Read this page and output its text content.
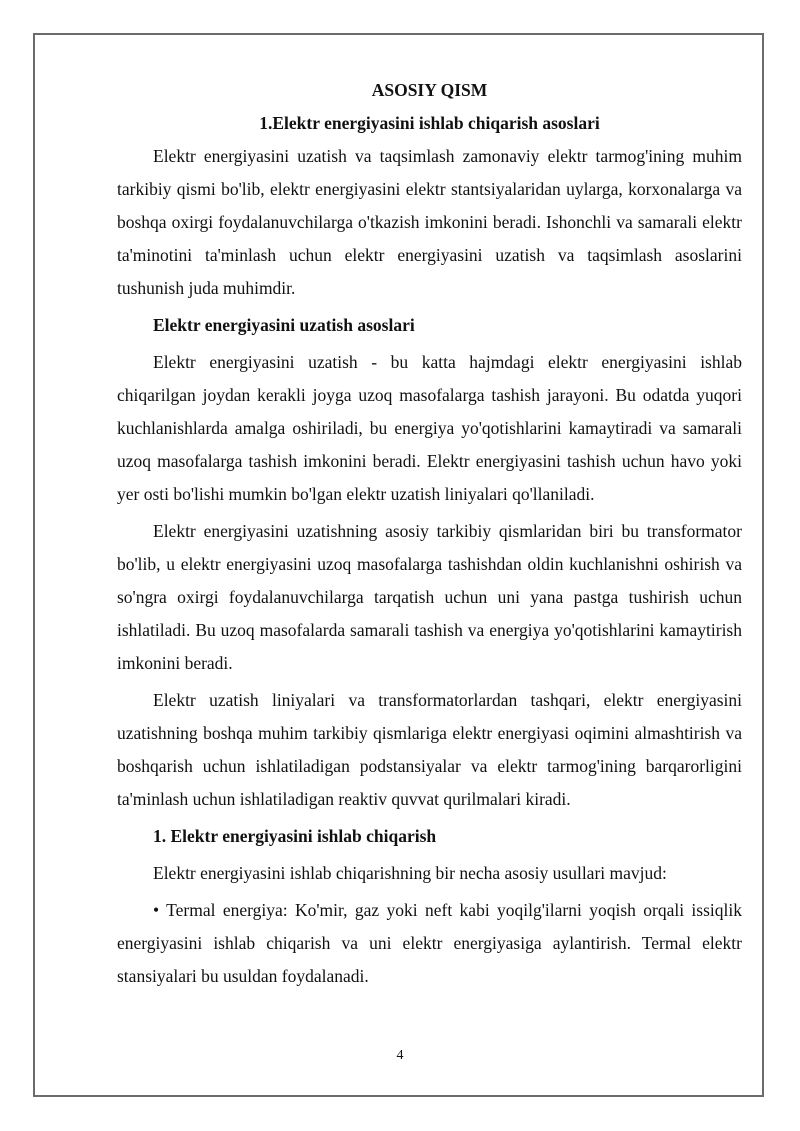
ASOSIY QISM
1.Elektr energiyasini ishlab chiqarish asoslari

Elektr energiyasini uzatish va taqsimlash zamonaviy elektr tarmog'ining muhim tarkibiy qismi bo'lib, elektr energiyasini elektr stantsiyalaridan uylarga, korxonalarga va boshqa oxirgi foydalanuvchilarga o'tkazish imkonini beradi. Ishonchli va samarali elektr ta'minotini ta'minlash uchun elektr energiyasini uzatish va taqsimlash asoslarini tushunish juda muhimdir.

Elektr energiyasini uzatish asoslari

Elektr energiyasini uzatish - bu katta hajmdagi elektr energiyasini ishlab chiqarilgan joydan kerakli joyga uzoq masofalarga tashish jarayoni. Bu odatda yuqori kuchlanishlarda amalga oshiriladi, bu energiya yo'qotishlarini kamaytiradi va samarali uzoq masofalarga tashish imkonini beradi. Elektr energiyasini tashish uchun havo yoki yer osti bo'lishi mumkin bo'lgan elektr uzatish liniyalari qo'llaniladi.

Elektr energiyasini uzatishning asosiy tarkibiy qismlaridan biri bu transformator bo'lib, u elektr energiyasini uzoq masofalarga tashishdan oldin kuchlanishni oshirish va so'ngra oxirgi foydalanuvchilarga tarqatish uchun uni yana pastga tushirish uchun ishlatiladi. Bu uzoq masofalarda samarali tashish va energiya yo'qotishlarini kamaytirish imkonini beradi.

Elektr uzatish liniyalari va transformatorlardan tashqari, elektr energiyasini uzatishning boshqa muhim tarkibiy qismlariga elektr energiyasi oqimini almashtirish va boshqarish uchun ishlatiladigan podstansiyalar va elektr tarmog'ining barqarorligini ta'minlash uchun ishlatiladigan reaktiv quvvat qurilmalari kiradi.

1. Elektr energiyasini ishlab chiqarish

Elektr energiyasini ishlab chiqarishning bir necha asosiy usullari mavjud:

• Termal energiya: Ko'mir, gaz yoki neft kabi yoqilg'ilarni yoqish orqali issiqlik energiyasini ishlab chiqarish va uni elektr energiyasiga aylantirish. Termal elektr stansiyalari bu usuldan foydalanadi.

4
